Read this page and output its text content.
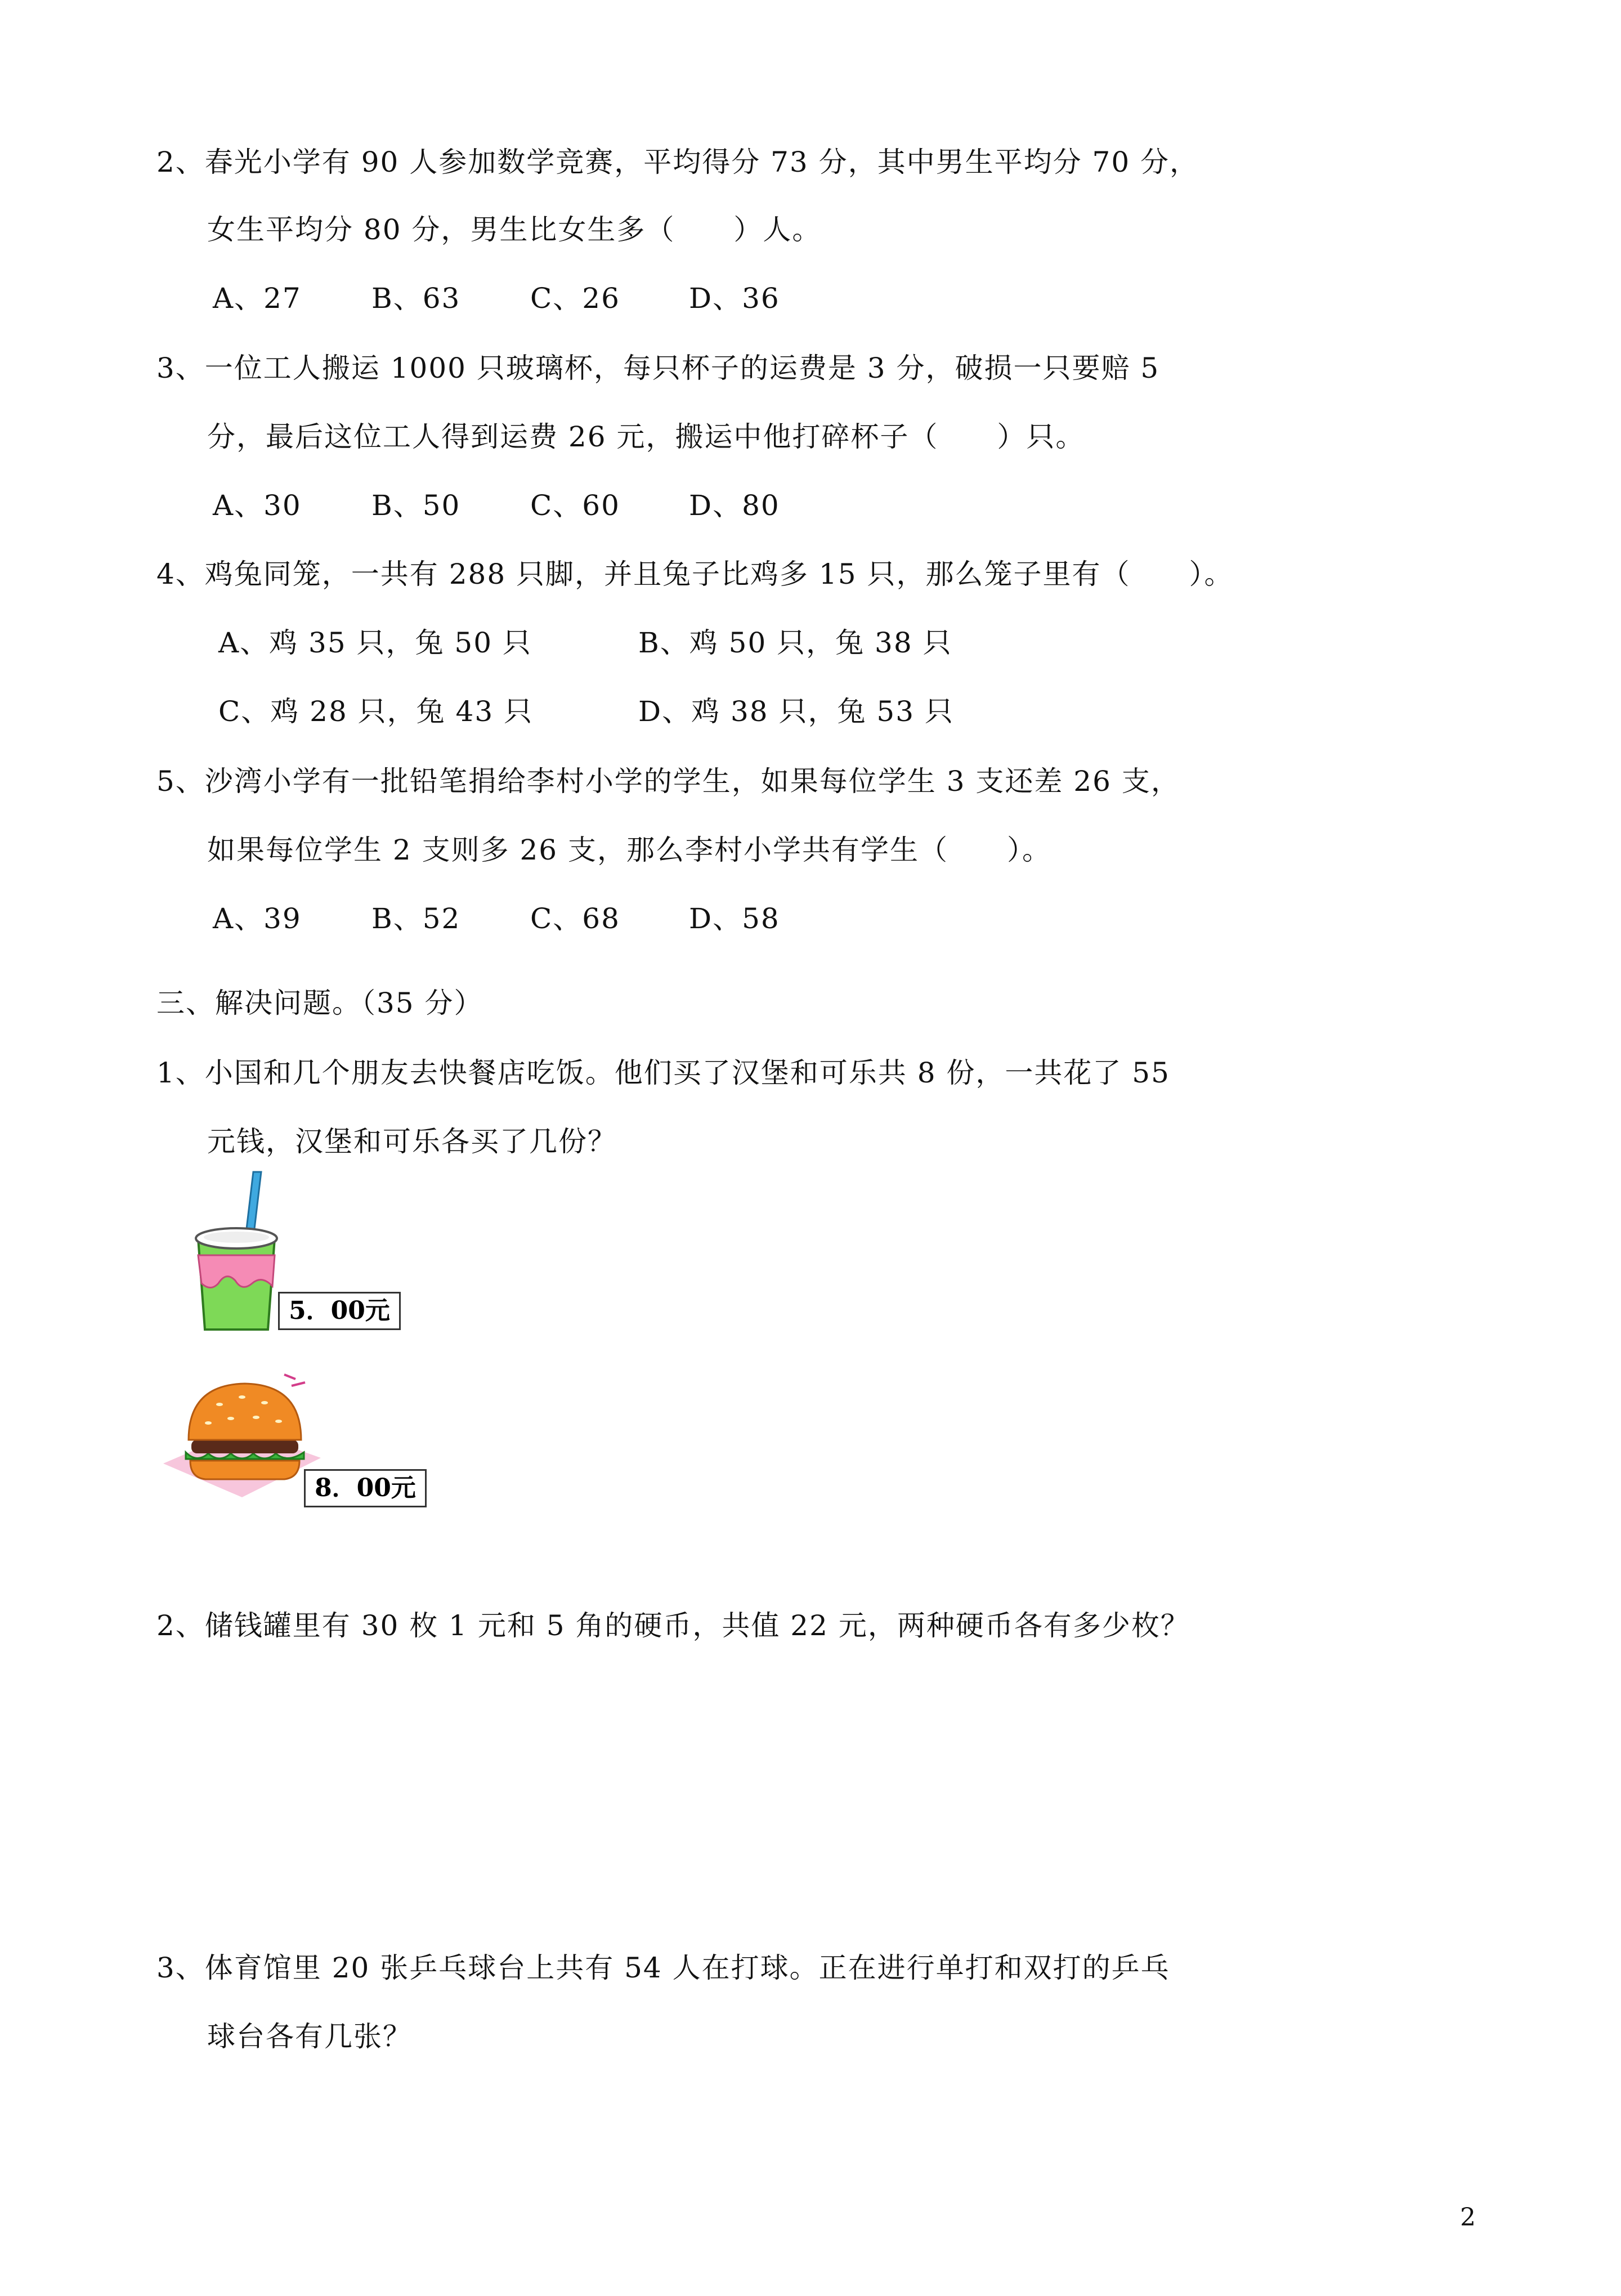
2、春光小学有 90 人参加数学竞赛，平均得分 73 分，其中男生平均分 70 分，
女生平均分 80 分，男生比女生多（　　）人。
A、27 B、63 C、26 D、36
3、一位工人搬运 1000 只玻璃杯，每只杯子的运费是 3 分，破损一只要赔 5
分，最后这位工人得到运费 26 元，搬运中他打碎杯子（　　）只。
A、30 B、50 C、60 D、80
4、鸡兔同笼，一共有 288 只脚，并且兔子比鸡多 15 只，那么笼子里有（　　）。
A、鸡 35 只，兔 50 只	B、鸡 50 只，兔 38 只
C、鸡 28 只，兔 43 只	D、鸡 38 只，兔 53 只
5、沙湾小学有一批铅笔捐给李村小学的学生，如果每位学生 3 支还差 26 支，
如果每位学生 2 支则多 26 支，那么李村小学共有学生（　　）。
A、39 B、52 C、68 D、58
三、解决问题。（35 分）
1、小国和几个朋友去快餐店吃饭。他们买了汉堡和可乐共 8 份，一共花了 55
元钱，汉堡和可乐各买了几份？
5．00元
8．00元
2、储钱罐里有 30 枚 1 元和 5 角的硬币，共值 22 元，两种硬币各有多少枚？
3、体育馆里 20 张乒乓球台上共有 54 人在打球。正在进行单打和双打的乒乓
球台各有几张？
2
